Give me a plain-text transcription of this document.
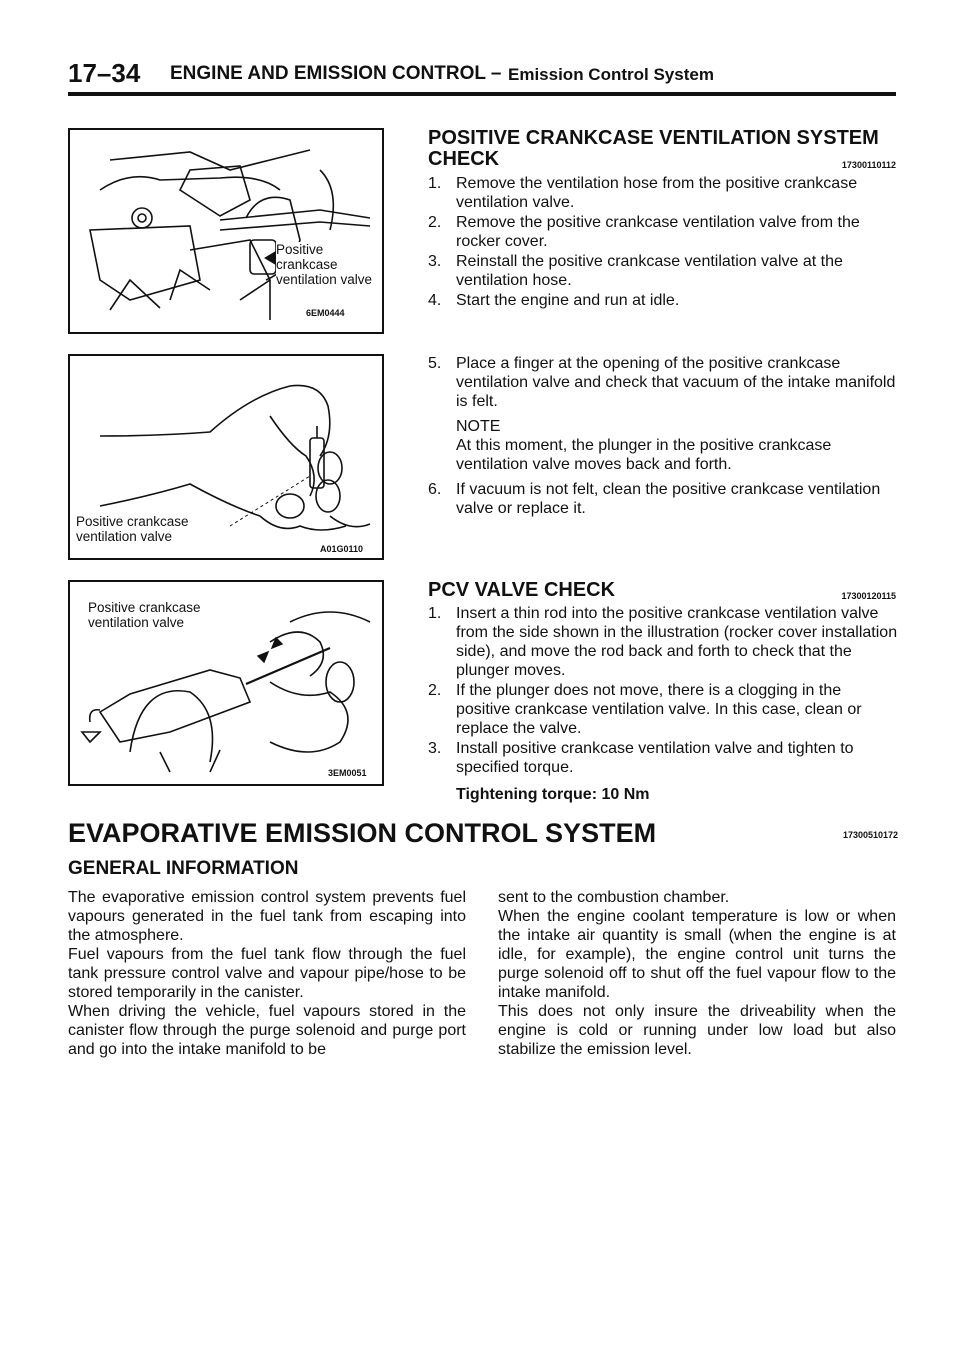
17–34 ENGINE AND EMISSION CONTROL – Emission Control System
Positive
crankcase
ventilation valve
6EM0444
Positive crankcase
ventilation valve
A01G0110
Positive crankcase
ventilation valve
3EM0051
POSITIVE CRANKCASE VENTILATION SYSTEM
CHECK	17300110112
1. Remove the ventilation hose from the positive crankcase ventilation valve.
2. Remove the positive crankcase ventilation valve from the rocker cover.
3. Reinstall the positive crankcase ventilation valve at the ventilation hose.
4. Start the engine and run at idle.
5. Place a finger at the opening of the positive crankcase ventilation valve and check that vacuum of the intake manifold is felt.
NOTE
At this moment, the plunger in the positive crankcase ventilation valve moves back and forth.
6. If vacuum is not felt, clean the positive crankcase ventilation valve or replace it.
PCV VALVE CHECK	17300120115
1. Insert a thin rod into the positive crankcase ventilation valve from the side shown in the illustration (rocker cover installation side), and move the rod back and forth to check that the plunger moves.
2. If the plunger does not move, there is a clogging in the positive crankcase ventilation valve. In this case, clean or replace the valve.
3. Install positive crankcase ventilation valve and tighten to specified torque.
Tightening torque: 10 Nm
EVAPORATIVE EMISSION CONTROL SYSTEM	17300510172
GENERAL INFORMATION

The evaporative emission control system prevents fuel vapours generated in the fuel tank from escaping into the atmosphere.

Fuel vapours from the fuel tank flow through the fuel tank pressure control valve and vapour pipe/hose to be stored temporarily in the canister.

When driving the vehicle, fuel vapours stored in the canister flow through the purge solenoid and purge port and go into the intake manifold to be

sent to the combustion chamber.

When the engine coolant temperature is low or when the intake air quantity is small (when the engine is at idle, for example), the engine control unit turns the purge solenoid off to shut off the fuel vapour flow to the intake manifold.

This does not only insure the driveability when the engine is cold or running under low load but also stabilize the emission level.
